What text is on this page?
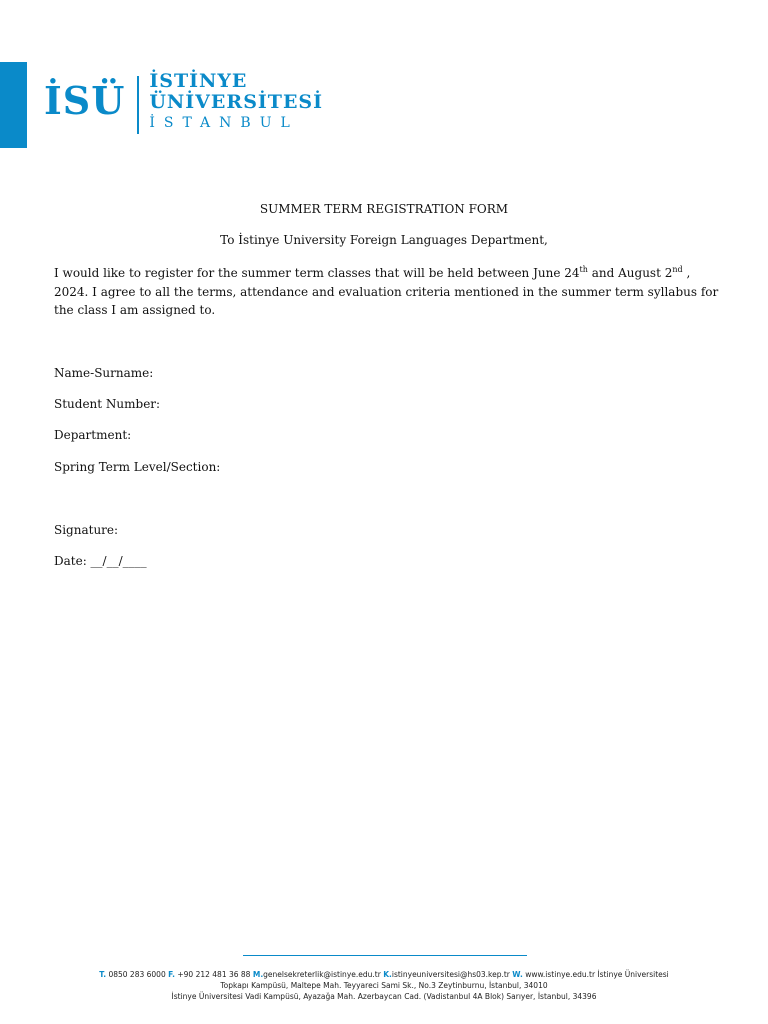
İSÜ İSTİNYE
ÜNİVERSİTESİ
İSTANBUL
SUMMER TERM REGISTRATION FORM
To İstinye University Foreign Languages Department,

I would like to register for the summer term classes that will be held between June 24th and August 2nd , 2024. I agree to all the terms, attendance and evaluation criteria mentioned in the summer term syllabus for the class I am assigned to.

Name-Surname:
Student Number:
Department:
Spring Term Level/Section:
Signature:
Date: __/__/____
T. 0850 283 6000 F. +90 212 481 36 88 M.genelsekreterlik@istinye.edu.tr K.istinyeuniversitesi@hs03.kep.tr W. www.istinye.edu.tr İstinye Üniversitesi
Topkapı Kampüsü, Maltepe Mah. Teyyareci Sami Sk., No.3 Zeytinburnu, İstanbul, 34010
İstinye Üniversitesi Vadi Kampüsü, Ayazağa Mah. Azerbaycan Cad. (Vadistanbul 4A Blok) Sarıyer, İstanbul, 34396
